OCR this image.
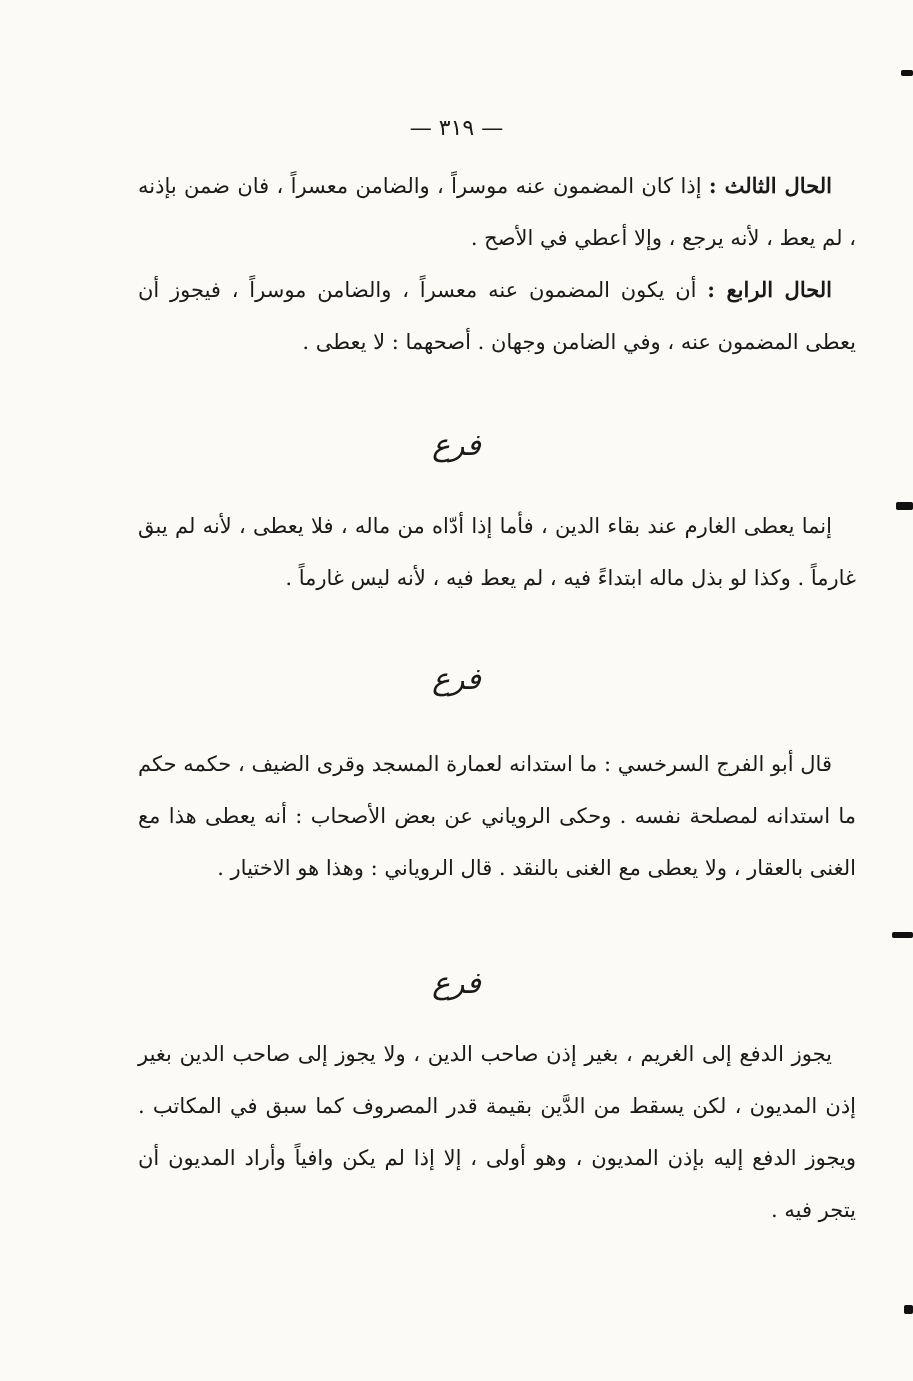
— ٣١٩ —

الحال الثالث : إذا كان المضمون عنه موسراً ، والضامن معسراً ، فان ضمن بإذنه ، لم يعط ، لأنه يرجع ، وإلا أعطي في الأصح .

الحال الرابع : أن يكون المضمون عنه معسراً ، والضامن موسراً ، فيجوز أن يعطى المضمون عنه ، وفي الضامن وجهان . أصحهما : لا يعطى .

فرع

إنما يعطى الغارم عند بقاء الدين ، فأما إذا أدّاه من ماله ، فلا يعطى ، لأنه لم يبق غارماً . وكذا لو بذل ماله ابتداءً فيه ، لم يعط فيه ، لأنه ليس غارماً .

فرع

قال أبو الفرج السرخسي : ما استدانه لعمارة المسجد وقرى الضيف ، حكمه حكم ما استدانه لمصلحة نفسه . وحكى الروياني عن بعض الأصحاب : أنه يعطى هذا مع الغنى بالعقار ، ولا يعطى مع الغنى بالنقد . قال الروياني : وهذا هو الاختيار .

فرع

يجوز الدفع إلى الغريم ، بغير إذن صاحب الدين ، ولا يجوز إلى صاحب الدين بغير إذن المديون ، لكن يسقط من الدَّين بقيمة قدر المصروف كما سبق في المكاتب . ويجوز الدفع إليه بإذن المديون ، وهو أولى ، إلا إذا لم يكن وافياً وأراد المديون أن يتجر فيه .
